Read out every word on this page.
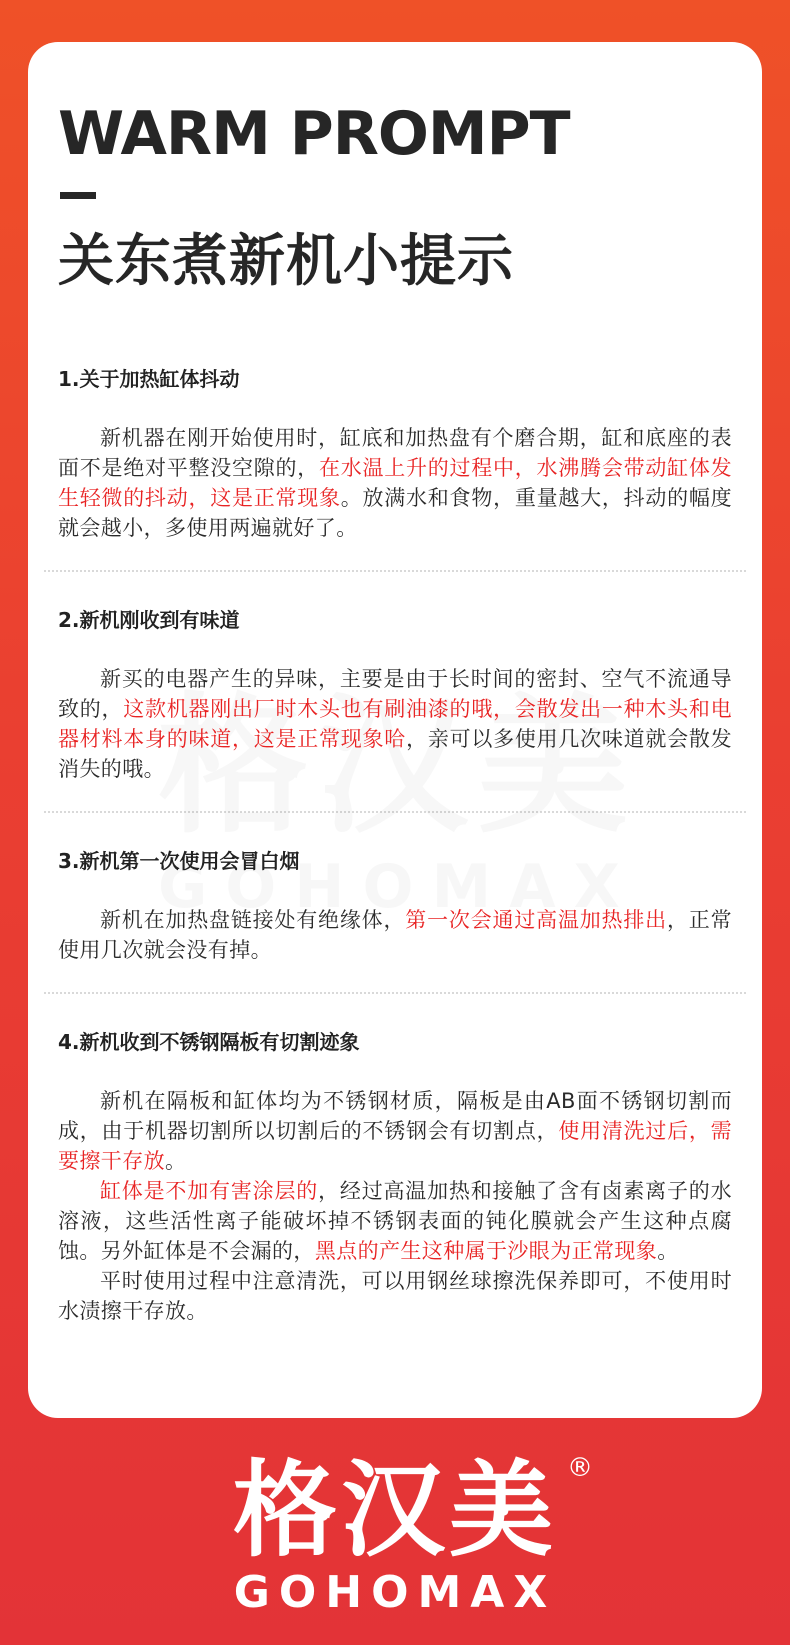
WARM PROMPT
关东煮新机小提示
1.关于加热缸体抖动

新机器在刚开始使用时，缸底和加热盘有个磨合期，缸和底座的表面不是绝对平整没空隙的，在水温上升的过程中，水沸腾会带动缸体发生轻微的抖动，这是正常现象。放满水和食物，重量越大，抖动的幅度就会越小，多使用两遍就好了。

2.新机刚收到有味道

新买的电器产生的异味，主要是由于长时间的密封、空气不流通导致的，这款机器刚出厂时木头也有刷油漆的哦，会散发出一种木头和电器材料本身的味道，这是正常现象哈，亲可以多使用几次味道就会散发消失的哦。

3.新机第一次使用会冒白烟

新机在加热盘链接处有绝缘体，第一次会通过高温加热排出，正常使用几次就会没有掉。

4.新机收到不锈钢隔板有切割迹象

新机在隔板和缸体均为不锈钢材质，隔板是由AB面不锈钢切割而成，由于机器切割所以切割后的不锈钢会有切割点，使用清洗过后，需要擦干存放。

缸体是不加有害涂层的，经过高温加热和接触了含有卤素离子的水溶液，这些活性离子能破坏掉不锈钢表面的钝化膜就会产生这种点腐蚀。另外缸体是不会漏的，黑点的产生这种属于沙眼为正常现象。

平时使用过程中注意清洗，可以用钢丝球擦洗保养即可，不使用时水渍擦干存放。

格汉美 ®
GOHOMAX
